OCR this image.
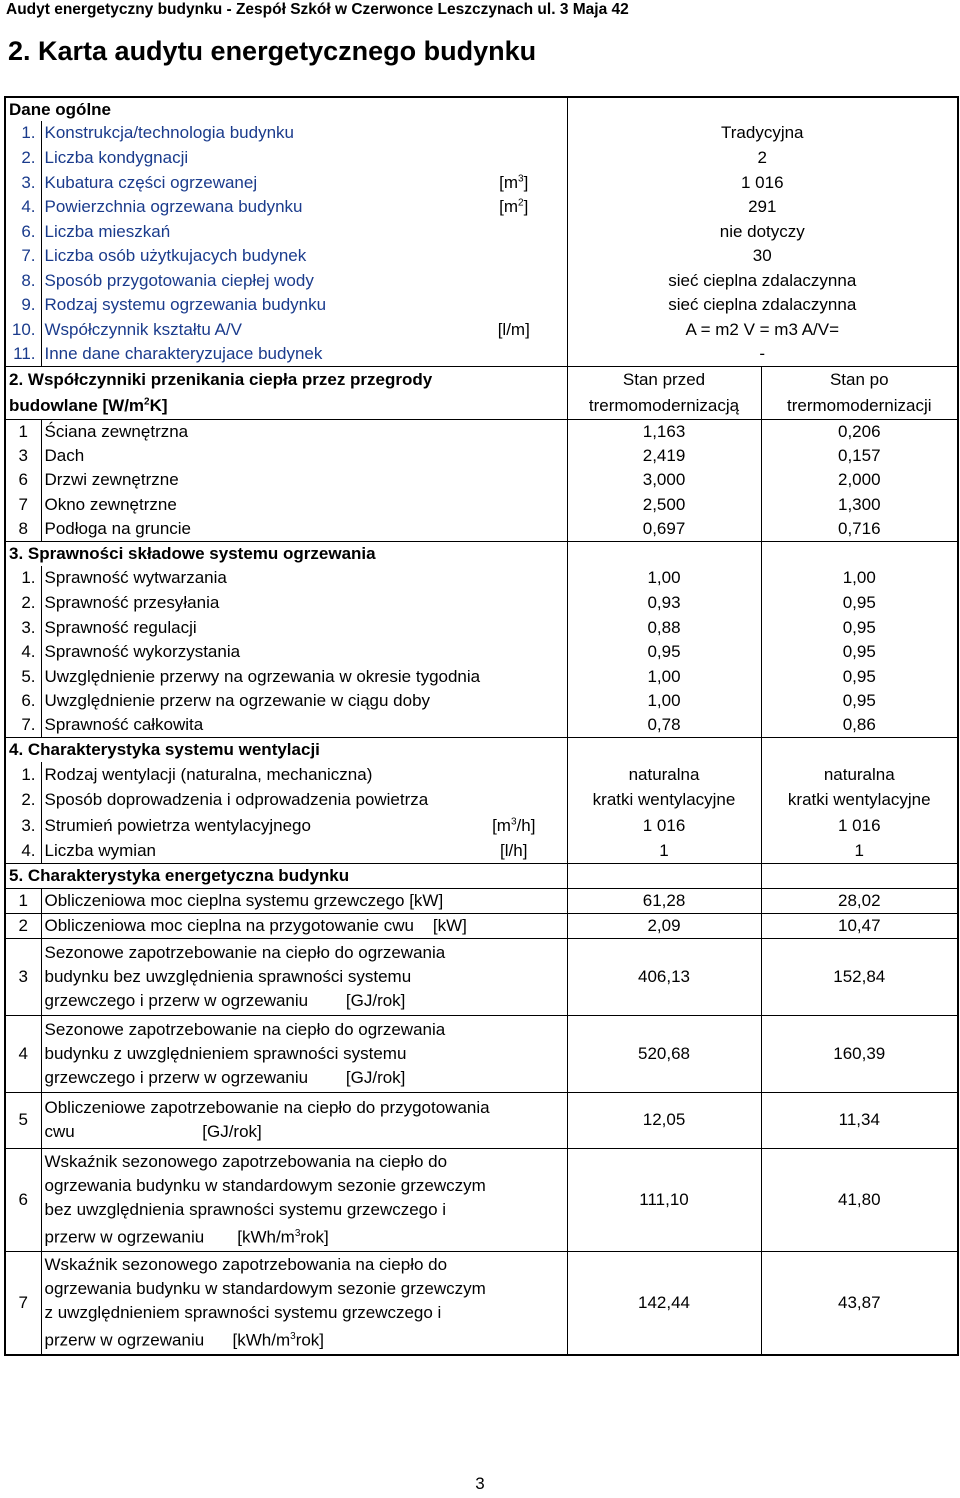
Audyt energetyczny budynku - Zespół Szkół w Czerwonce Leszczynach ul. 3 Maja 42
2. Karta audytu energetycznego budynku
Dane ogólne				
1.	Konstrukcja/technologia budynku		Tradycyjna	
2.	Liczba kondygnacji		2	
3.	Kubatura części ogrzewanej	$[m^3]$	1 016	
4.	Powierzchnia ogrzewana budynku	$[m^2]$	291	
6.	Liczba mieszkań		nie dotyczy	
7.	Liczba osób użytkujacych budynek		30	
8.	Sposób przygotowania ciepłej wody		sieć cieplna zdalaczynna	
9.	Rodzaj systemu ogrzewania budynku		sieć cieplna zdalaczynna	
10.	Współczynnik kształtu A/V	[l/m]	A = m2 V = m3 A/V=	
11.	Inne dane charakteryzujace budynek		-	
2. Współczynniki przenikania ciepła przez przegrody			Stan przed	Stan po
budowlane $[W/m^2K]$			trermomodernizacją	trermomodernizacji
1	Ściana zewnętrzna		1,163	0,206
3	Dach		2,419	0,157
6	Drzwi zewnętrzne		3,000	2,000
7	Okno zewnętrzne		2,500	1,300
8	Podłoga na gruncie		0,697	0,716
3. Sprawności składowe systemu ogrzewania				
1.	Sprawność wytwarzania		1,00	1,00
2.	Sprawność przesyłania		0,93	0,95
3.	Sprawność regulacji		0,88	0,95
4.	Sprawność wykorzystania		0,95	0,95
5.	Uwzględnienie przerwy na ogrzewania w okresie tygodnia		1,00	0,95
6.	Uwzględnienie przerw na ogrzewanie w ciągu doby		1,00	0,95
7.	Sprawność całkowita		0,78	0,86
4. Charakterystyka systemu wentylacji				
1.	Rodzaj wentylacji (naturalna, mechaniczna)		naturalna	naturalna
2.	Sposób doprowadzenia i odprowadzenia powietrza		kratki wentylacyjne	kratki wentylacyjne
3.	Strumień powietrza wentylacyjnego	$[m^3/h]$	1 016	1 016
4.	Liczba wymian	[l/h]	1	1
5. Charakterystyka energetyczna budynku				
1	Obliczeniowa moc cieplna systemu grzewczego [kW]		61,28	28,02
2	Obliczeniowa moc cieplna na przygotowanie cwu    [kW]		2,09	10,47
3	Sezonowe zapotrzebowanie na ciepło do ogrzewania
budynku bez uwzględnienia sprawności systemu
grzewczego i przerw w ogrzewaniu        [GJ/rok]		406,13	152,84
4	Sezonowe zapotrzebowanie na ciepło do ogrzewania
budynku z uwzględnieniem sprawności systemu
grzewczego i przerw w ogrzewaniu        [GJ/rok]		520,68	160,39
5	Obliczeniowe zapotrzebowanie na ciepło do przygotowania
cwu                           [GJ/rok]		12,05	11,34
6	Wskaźnik sezonowego zapotrzebowania na ciepło do
ogrzewania budynku w standardowym sezonie grzewczym
bez uwzględnienia sprawności systemu grzewczego i
przerw w ogrzewaniu       $[kWh/m^3rok]$		111,10	41,80
7	Wskaźnik sezonowego zapotrzebowania na ciepło do
ogrzewania budynku w standardowym sezonie grzewczym
z uwzględnieniem sprawności systemu grzewczego i
przerw w ogrzewaniu      $[kWh/m^3rok]$		142,44	43,87
3
